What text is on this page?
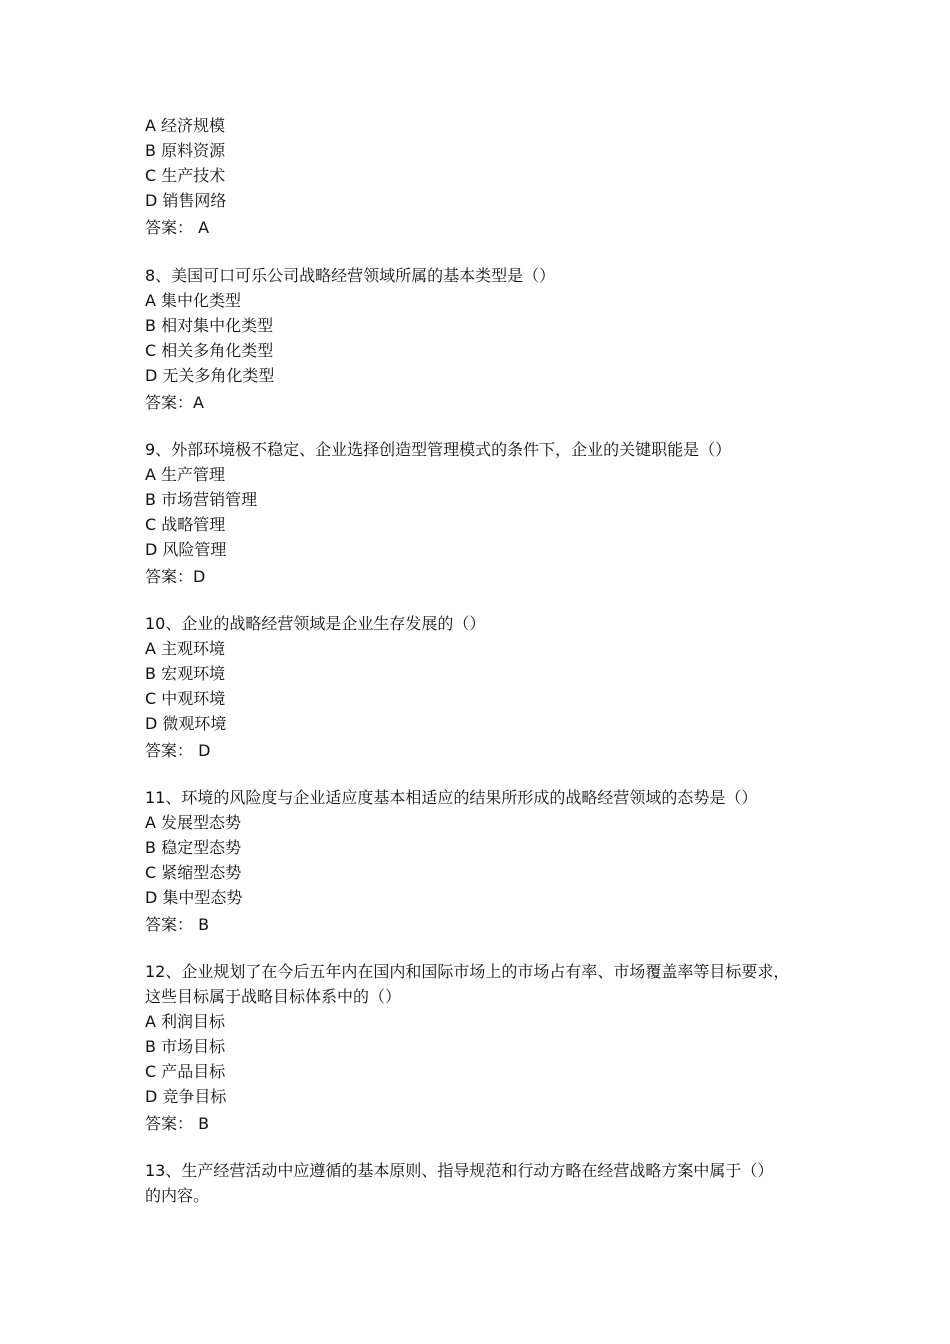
A 经济规模
B 原料资源
C 生产技术
D 销售网络
答案： A
8、美国可口可乐公司战略经营领域所属的基本类型是（）
A 集中化类型
B 相对集中化类型
C 相关多角化类型
D 无关多角化类型
答案：A
9、外部环境极不稳定、企业选择创造型管理模式的条件下，企业的关键职能是（）
A 生产管理
B 市场营销管理
C 战略管理
D 风险管理
答案：D
10、企业的战略经营领域是企业生存发展的（）
A 主观环境
B 宏观环境
C 中观环境
D 微观环境
答案： D
11、环境的风险度与企业适应度基本相适应的结果所形成的战略经营领域的态势是（）
A 发展型态势
B 稳定型态势
C 紧缩型态势
D 集中型态势
答案： B
12、企业规划了在今后五年内在国内和国际市场上的市场占有率、市场覆盖率等目标要求，
这些目标属于战略目标体系中的（）
A 利润目标
B 市场目标
C 产品目标
D 竞争目标
答案： B
13、生产经营活动中应遵循的基本原则、指导规范和行动方略在经营战略方案中属于（）
的内容。
